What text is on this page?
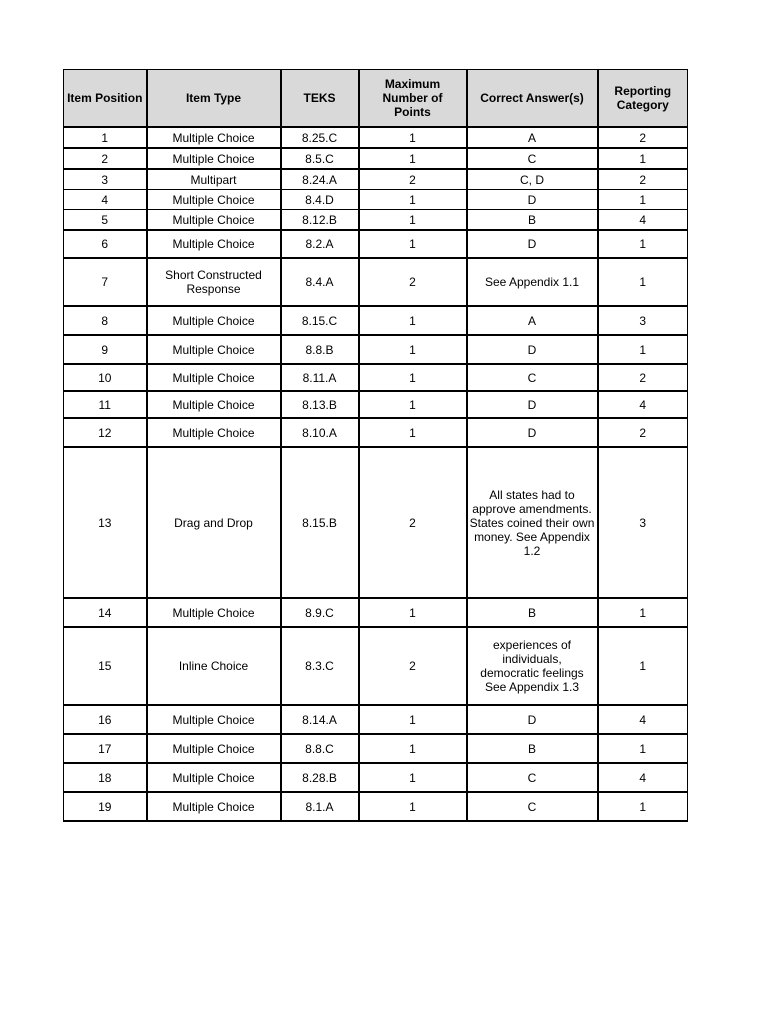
Item Position	Item Type	TEKS	Maximum Number of Points	Correct Answer(s)	Reporting Category
1	Multiple Choice	8.25.C	1	A	2
2	Multiple Choice	8.5.C	1	C	1
3	Multipart	8.24.A	2	C, D	2
4	Multiple Choice	8.4.D	1	D	1
5	Multiple Choice	8.12.B	1	B	4
6	Multiple Choice	8.2.A	1	D	1
7	Short Constructed Response	8.4.A	2	See Appendix 1.1	1
8	Multiple Choice	8.15.C	1	A	3
9	Multiple Choice	8.8.B	1	D	1
10	Multiple Choice	8.11.A	1	C	2
11	Multiple Choice	8.13.B	1	D	4
12	Multiple Choice	8.10.A	1	D	2
13	Drag and Drop	8.15.B	2	All states had to approve amendments. States coined their own money. See Appendix 1.2	3
14	Multiple Choice	8.9.C	1	B	1
15	Inline Choice	8.3.C	2	experiences of individuals, democratic feelings See Appendix 1.3	1
16	Multiple Choice	8.14.A	1	D	4
17	Multiple Choice	8.8.C	1	B	1
18	Multiple Choice	8.28.B	1	C	4
19	Multiple Choice	8.1.A	1	C	1
